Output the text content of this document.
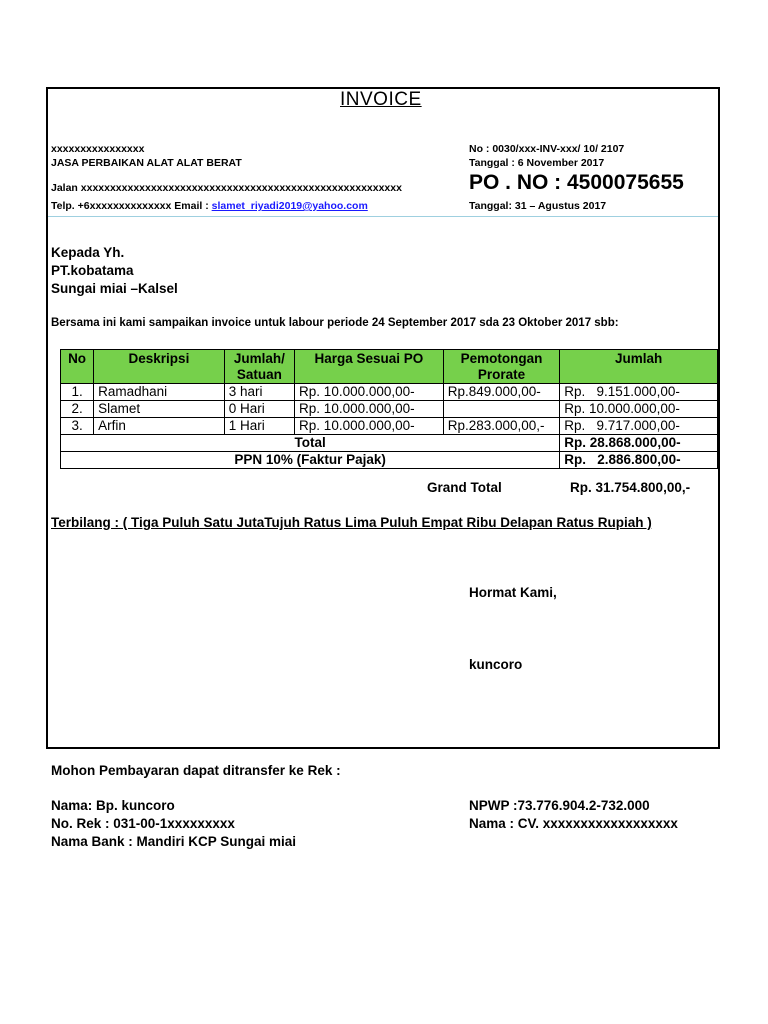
INVOICE
xxxxxxxxxxxxxxxx
JASA PERBAIKAN ALAT ALAT BERAT
Jalan xxxxxxxxxxxxxxxxxxxxxxxxxxxxxxxxxxxxxxxxxxxxxxxxxxxxxxx
Telp. +6xxxxxxxxxxxxxx Email : slamet_riyadi2019@yahoo.com
No : 0030/xxx-INV-xxx/ 10/ 2107
Tanggal : 6 November 2017
PO . NO : 4500075655
Tanggal: 31 – Agustus 2017
Kepada Yh.
PT.kobatama
Sungai miai –Kalsel
Bersama ini kami sampaikan invoice untuk labour periode 24 September 2017 sda 23 Oktober 2017 sbb:
No	Deskripsi	Jumlah/ Satuan	Harga Sesuai PO	Pemotongan Prorate	Jumlah
1.	Ramadhani	3 hari	Rp. 10.000.000,00-	Rp.849.000,00-	Rp.   9.151.000,00-
2.	Slamet	0 Hari	Rp. 10.000.000,00-		Rp. 10.000.000,00-
3.	Arfin	1 Hari	Rp. 10.000.000,00-	Rp.283.000,00,-	Rp.   9.717.000,00-
Total					Rp. 28.868.000,00-
PPN 10% (Faktur Pajak)					Rp.   2.886.800,00-
Grand Total	Rp. 31.754.800,00,-
Terbilang : ( Tiga Puluh Satu JutaTujuh Ratus Lima Puluh Empat Ribu Delapan Ratus Rupiah )
Hormat Kami,
kuncoro
Mohon Pembayaran dapat ditransfer ke Rek :
Nama: Bp. kuncoro
No. Rek : 031-00-1xxxxxxxxx
Nama Bank : Mandiri KCP Sungai miai
NPWP :73.776.904.2-732.000
Nama : CV. xxxxxxxxxxxxxxxxxx
